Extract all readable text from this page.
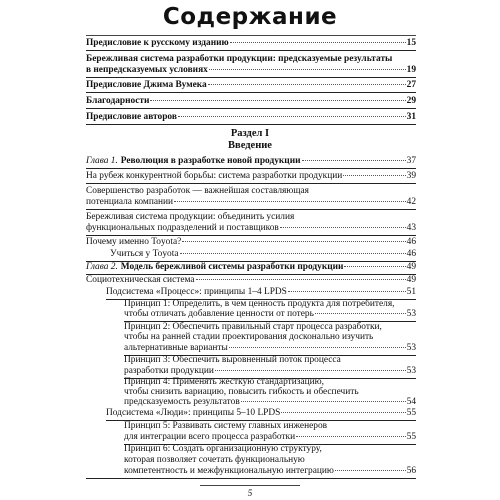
Содержание
Предисловие к русскому изданию	15
Бережливая система разработки продукции: предсказуемые результаты
в непредсказуемых условиях	19
Предисловие Джима Вумека	27
Благодарности	29
Предисловие авторов	31
Раздел I
Введение
Глава 1. Революция в разработке новой продукции	37
На рубеж конкурентной борьбы: система разработки продукции	39
Совершенство разработок — важнейшая составляющая
потенциала компании	42
Бережливая система продукции: объединить усилия
функциональных подразделений и поставщиков	43
Почему именно Toyota?	46
Учиться у Toyota	46
Глава 2. Модель бережливой системы разработки продукции	49
Социотехническая система	49
Подсистема «Процесс»: принципы 1–4 LPDS	51
Принцип 1: Определить, в чем ценность продукта для потребителя,
чтобы отличать добавление ценности от потерь	53
Принцип 2: Обеспечить правильный старт процесса разработки,
чтобы на ранней стадии проектирования досконально изучить
альтернативные варианты	53
Принцип 3: Обеспечить выровненный поток процесса
разработки продукции	53
Принцип 4: Применять жесткую стандартизацию,
чтобы снизить вариацию, повысить гибкость и обеспечить
предсказуемость результатов	54
Подсистема «Люди»: принципы 5–10 LPDS	55
Принцип 5: Развивать систему главных инженеров
для интеграции всего процесса разработки	55
Принцип 6: Создать организационную структуру,
которая позволяет сочетать функциональную
компетентность и межфункциональную интеграцию	56
5
